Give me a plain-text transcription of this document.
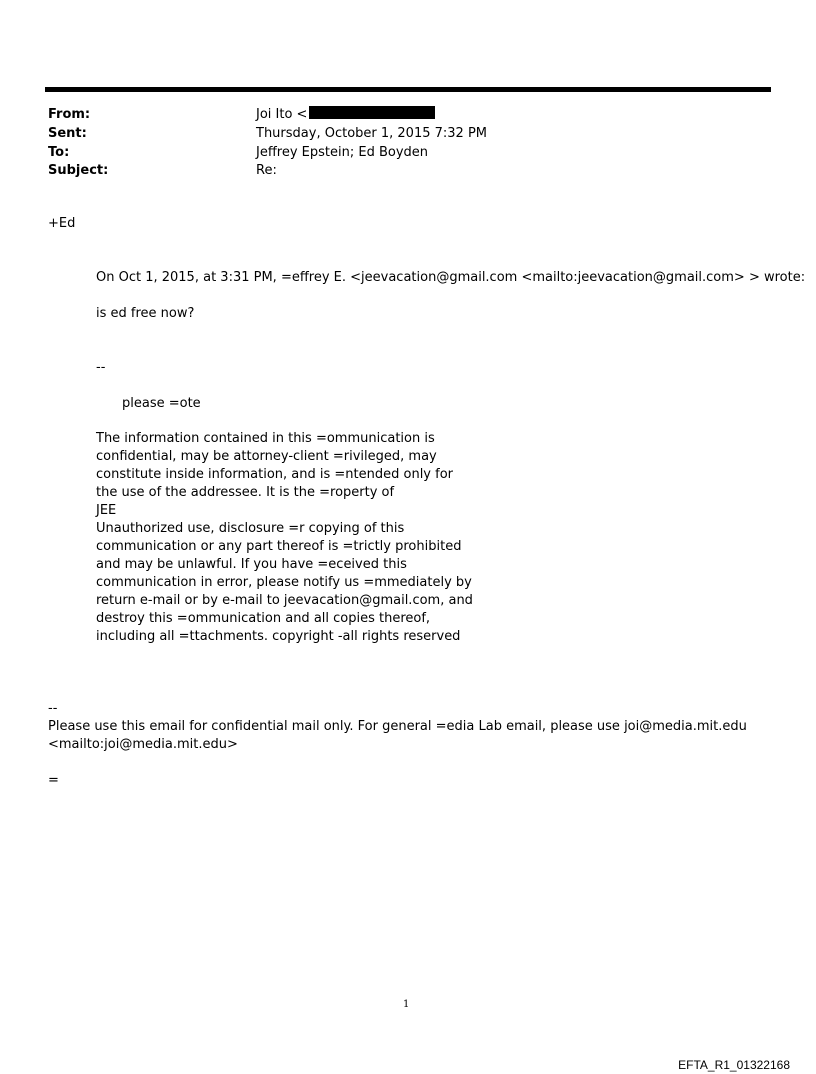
From:	Joi Ito <
Sent:	Thursday, October 1, 2015 7:32 PM
To:	Jeffrey Epstein; Ed Boyden
Subject:	Re:
+Ed
On Oct 1, 2015, at 3:31 PM, =effrey E. <jeevacation@gmail.com <mailto:jeevacation@gmail.com> > wrote:
is ed free now?
--
please =ote
The information contained in this =ommunication is
confidential, may be attorney-client =rivileged, may
constitute inside information, and is =ntended only for
the use of the addressee. It is the =roperty of
JEE
Unauthorized use, disclosure =r copying of this
communication or any part thereof is =trictly prohibited
and may be unlawful. If you have =eceived this
communication in error, please notify us =mmediately by
return e-mail or by e-mail to jeevacation@gmail.com, and
destroy this =ommunication and all copies thereof,
including all =ttachments. copyright -all rights reserved
--
Please use this email for confidential mail only. For general =edia Lab email, please use joi@media.mit.edu
<mailto:joi@media.mit.edu>
=
1
EFTA_R1_01322168
